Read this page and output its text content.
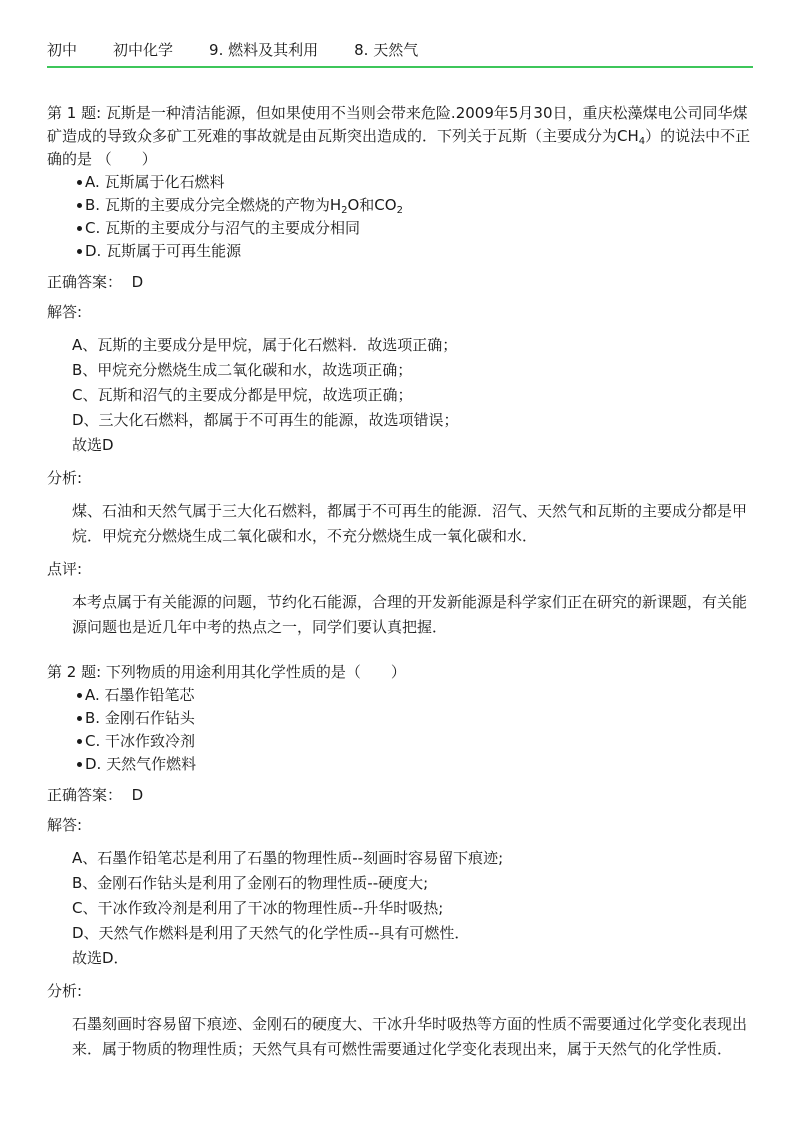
初中 初中化学 9. 燃料及其利用 8. 天然气

第 1 题: 瓦斯是一种清洁能源，但如果使用不当则会带来危险.2009年5月30日，重庆松藻煤电公司同华煤矿造成的导致众多矿工死难的事故就是由瓦斯突出造成的．下列关于瓦斯（主要成分为$CH_4$）的说法中不正确的是 （　　）

A. 瓦斯属于化石燃料
B. 瓦斯的主要成分完全燃烧的产物为$H_2O$和$CO_2$
C. 瓦斯的主要成分与沼气的主要成分相同
D. 瓦斯属于可再生能源
正确答案： D
解答:

A、瓦斯的主要成分是甲烷，属于化石燃料．故选项正确；

B、甲烷充分燃烧生成二氧化碳和水，故选项正确；

C、瓦斯和沼气的主要成分都是甲烷，故选项正确；

D、三大化石燃料，都属于不可再生的能源，故选项错误；

故选D

分析:

煤、石油和天然气属于三大化石燃料，都属于不可再生的能源．沼气、天然气和瓦斯的主要成分都是甲烷．甲烷充分燃烧生成二氧化碳和水，不充分燃烧生成一氧化碳和水．

点评:

本考点属于有关能源的问题，节约化石能源，合理的开发新能源是科学家们正在研究的新课题，有关能源问题也是近几年中考的热点之一，同学们要认真把握．

第 2 题: 下列物质的用途利用其化学性质的是（　　）

A. 石墨作铅笔芯
B. 金刚石作钻头
C. 干冰作致冷剂
D. 天然气作燃料
正确答案： D
解答:

A、石墨作铅笔芯是利用了石墨的物理性质--刻画时容易留下痕迹;

B、金刚石作钻头是利用了金刚石的物理性质--硬度大;

C、干冰作致冷剂是利用了干冰的物理性质--升华时吸热;

D、天然气作燃料是利用了天然气的化学性质--具有可燃性．

故选D．

分析:

石墨刻画时容易留下痕迹、金刚石的硬度大、干冰升华时吸热等方面的性质不需要通过化学变化表现出来．属于物质的物理性质；天然气具有可燃性需要通过化学变化表现出来，属于天然气的化学性质．
